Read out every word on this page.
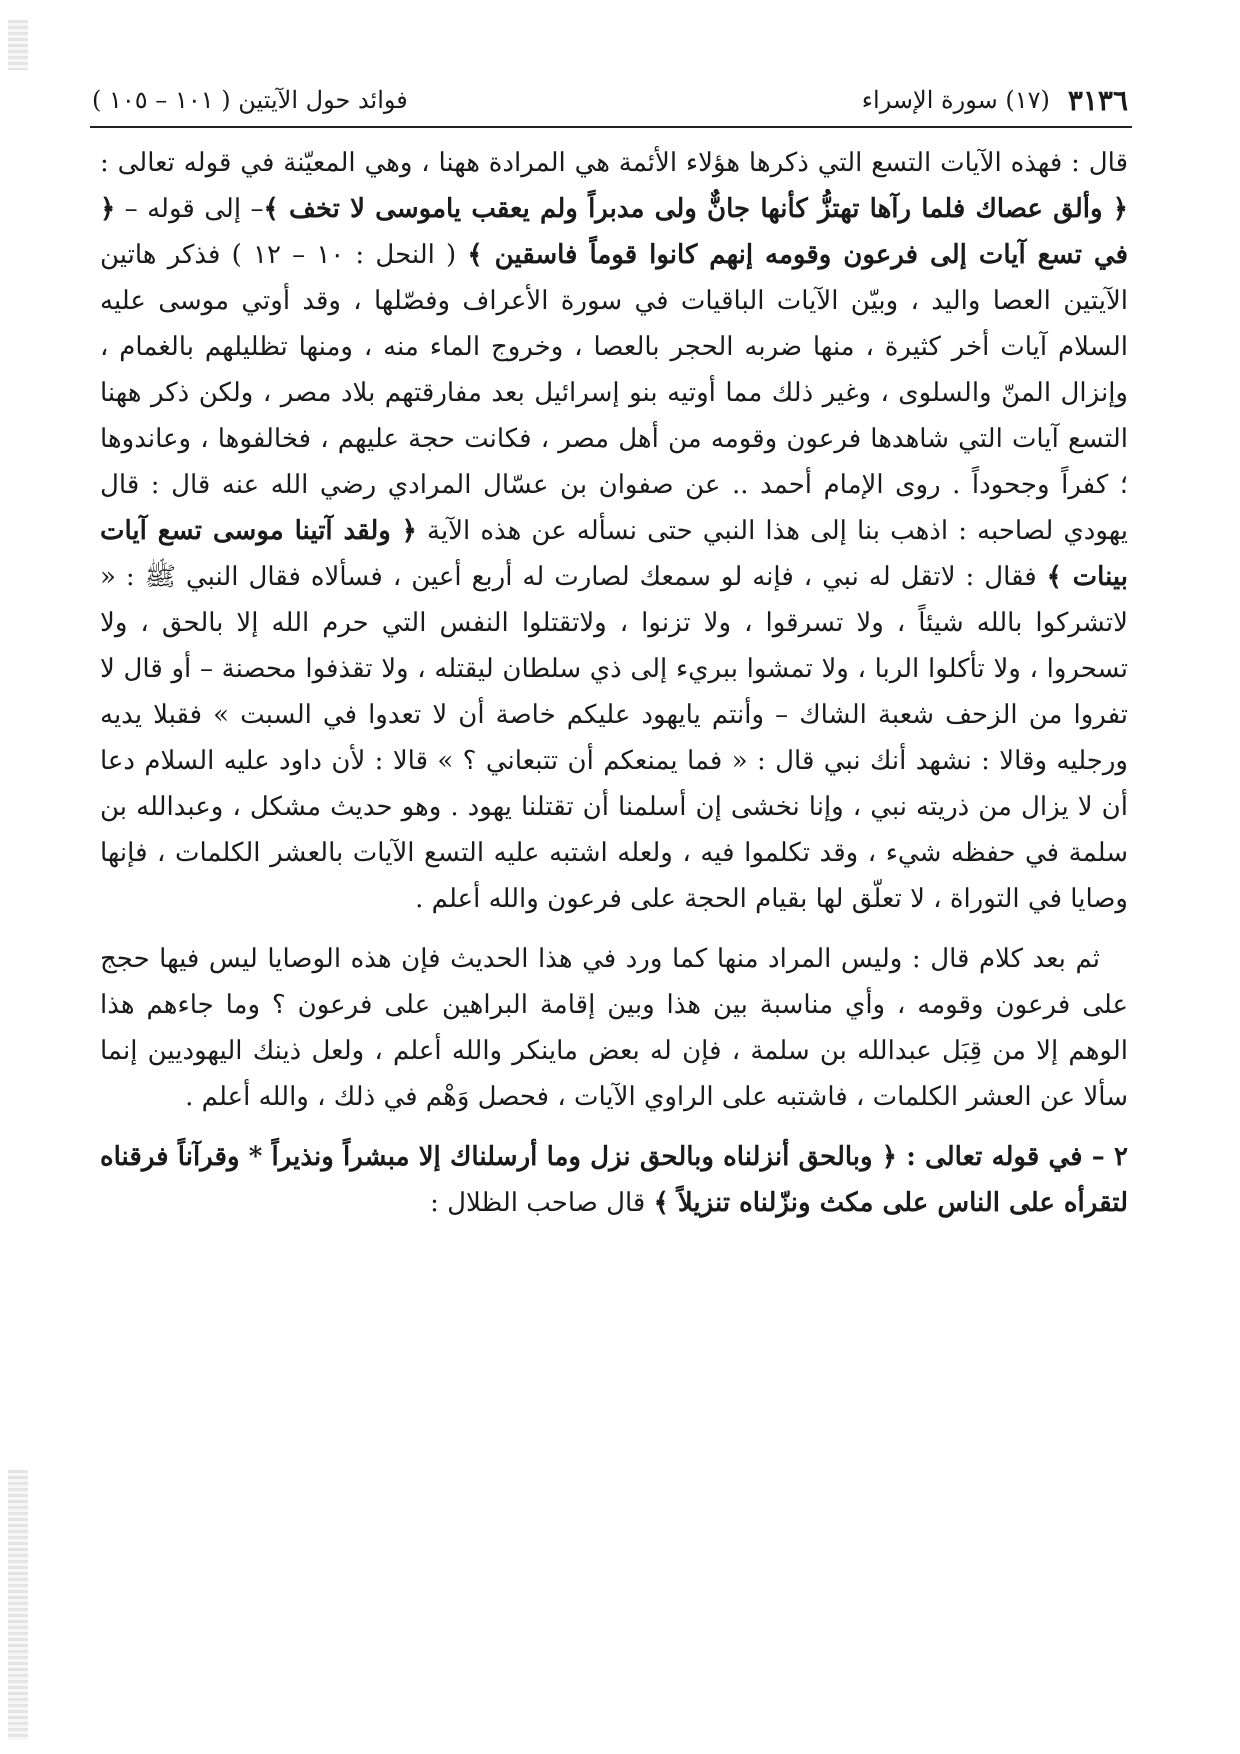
٣١٣٦
(١٧) سورة الإسراء
فوائد حول الآيتين ( ١٠١ – ١٠٥ )

قال : فهذه الآيات التسع التي ذكرها هؤلاء الأئمة هي المرادة ههنا ، وهي المعيّنة في قوله تعالى : ﴿ وألق عصاك فلما رآها تهتزُّ كأنها جانٌّ ولى مدبراً ولم يعقب ياموسى لا تخف ﴾– إلى قوله – ﴿ في تسع آيات إلى فرعون وقومه إنهم كانوا قوماً فاسقين ﴾ ( النحل : ١٠ – ١٢ ) فذكر هاتين الآيتين العصا واليد ، وبيّن الآيات الباقيات في سورة الأعراف وفصّلها ، وقد أوتي موسى عليه السلام آيات أخر كثيرة ، منها ضربه الحجر بالعصا ، وخروج الماء منه ، ومنها تظليلهم بالغمام ، وإنزال المنّ والسلوى ، وغير ذلك مما أوتيه بنو إسرائيل بعد مفارقتهم بلاد مصر ، ولكن ذكر ههنا التسع آيات التي شاهدها فرعون وقومه من أهل مصر ، فكانت حجة عليهم ، فخالفوها ، وعاندوها ؛ كفراً وجحوداً . روى الإمام أحمد .. عن صفوان بن عسّال المرادي رضي الله عنه قال : قال يهودي لصاحبه : اذهب بنا إلى هذا النبي حتى نسأله عن هذه الآية ﴿ ولقد آتينا موسى تسع آيات بينات ﴾ فقال : لاتقل له نبي ، فإنه لو سمعك لصارت له أربع أعين ، فسألاه فقال النبي ﷺ : « لاتشركوا بالله شيئاً ، ولا تسرقوا ، ولا تزنوا ، ولاتقتلوا النفس التي حرم الله إلا بالحق ، ولا تسحروا ، ولا تأكلوا الربا ، ولا تمشوا ببريء إلى ذي سلطان ليقتله ، ولا تقذفوا محصنة – أو قال لا تفروا من الزحف شعبة الشاك – وأنتم يايهود عليكم خاصة أن لا تعدوا في السبت » فقبلا يديه ورجليه وقالا : نشهد أنك نبي قال : « فما يمنعكم أن تتبعاني ؟ » قالا : لأن داود عليه السلام دعا أن لا يزال من ذريته نبي ، وإنا نخشى إن أسلمنا أن تقتلنا يهود . وهو حديث مشكل ، وعبدالله بن سلمة في حفظه شيء ، وقد تكلموا فيه ، ولعله اشتبه عليه التسع الآيات بالعشر الكلمات ، فإنها وصايا في التوراة ، لا تعلّق لها بقيام الحجة على فرعون والله أعلم .

ثم بعد كلام قال : وليس المراد منها كما ورد في هذا الحديث فإن هذه الوصايا ليس فيها حجج على فرعون وقومه ، وأي مناسبة بين هذا وبين إقامة البراهين على فرعون ؟ وما جاءهم هذا الوهم إلا من قِبَل عبدالله بن سلمة ، فإن له بعض ماينكر والله أعلم ، ولعل ذينك اليهوديين إنما سألا عن العشر الكلمات ، فاشتبه على الراوي الآيات ، فحصل وَهْم في ذلك ، والله أعلم .

٢ – في قوله تعالى : ﴿ وبالحق أنزلناه وبالحق نزل وما أرسلناك إلا مبشراً ونذيراً * وقرآناً فرقناه لتقرأه على الناس على مكث ونزّلناه تنزيلاً ﴾ قال صاحب الظلال :
